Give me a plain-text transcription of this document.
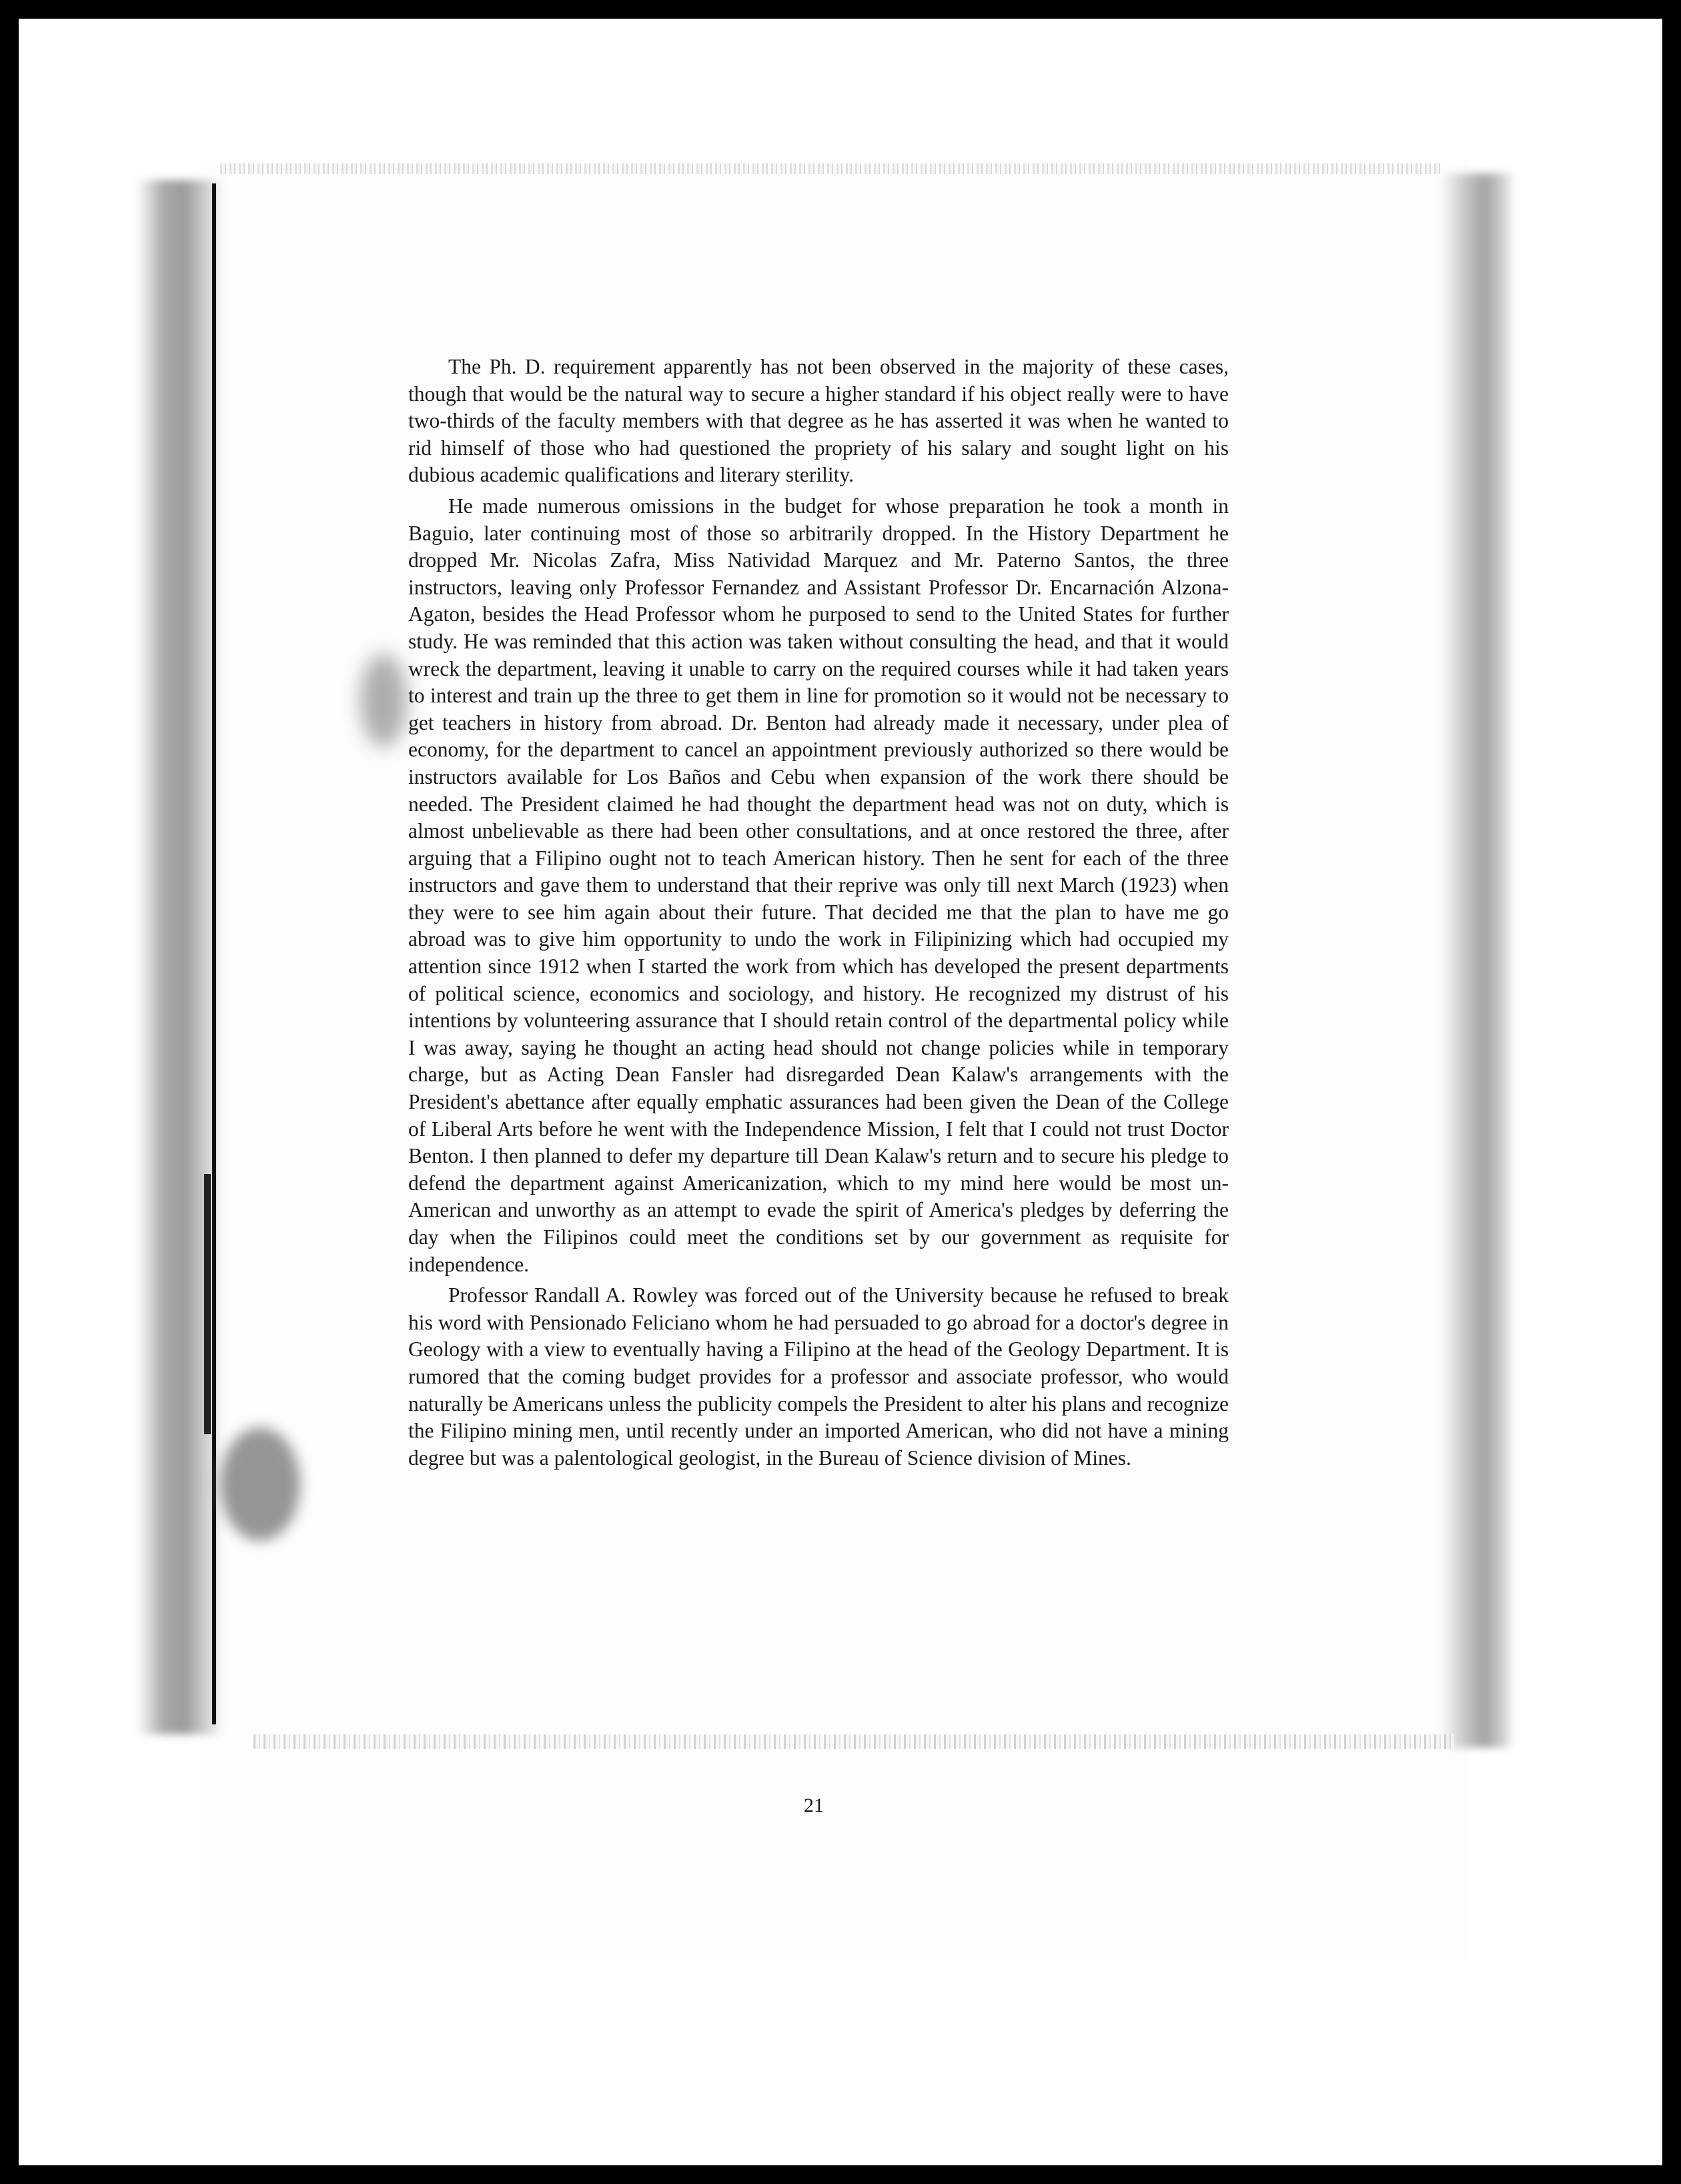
The Ph. D. requirement apparently has not been observed in the majority of these cases, though that would be the natural way to secure a higher standard if his object really were to have two-thirds of the faculty members with that degree as he has asserted it was when he wanted to rid himself of those who had questioned the propriety of his salary and sought light on his dubious academic qualifications and literary sterility.

He made numerous omissions in the budget for whose preparation he took a month in Baguio, later continuing most of those so arbitrarily dropped. In the History Department he dropped Mr. Nicolas Zafra, Miss Natividad Marquez and Mr. Paterno Santos, the three instructors, leaving only Professor Fernandez and Assistant Professor Dr. Encarnación Alzona-Agaton, besides the Head Professor whom he purposed to send to the United States for further study. He was reminded that this action was taken without consulting the head, and that it would wreck the department, leaving it unable to carry on the required courses while it had taken years to interest and train up the three to get them in line for promotion so it would not be necessary to get teachers in history from abroad. Dr. Benton had already made it necessary, under plea of economy, for the department to cancel an appointment previously authorized so there would be instructors available for Los Baños and Cebu when expansion of the work there should be needed. The President claimed he had thought the department head was not on duty, which is almost unbelievable as there had been other consultations, and at once restored the three, after arguing that a Filipino ought not to teach American history. Then he sent for each of the three instructors and gave them to understand that their reprive was only till next March (1923) when they were to see him again about their future. That decided me that the plan to have me go abroad was to give him opportunity to undo the work in Filipinizing which had occupied my attention since 1912 when I started the work from which has developed the present departments of political science, economics and sociology, and history. He recognized my distrust of his intentions by volunteering assurance that I should retain control of the departmental policy while I was away, saying he thought an acting head should not change policies while in temporary charge, but as Acting Dean Fansler had disregarded Dean Kalaw's arrangements with the President's abettance after equally emphatic assurances had been given the Dean of the College of Liberal Arts before he went with the Independence Mission, I felt that I could not trust Doctor Benton. I then planned to defer my departure till Dean Kalaw's return and to secure his pledge to defend the department against Americanization, which to my mind here would be most un-American and unworthy as an attempt to evade the spirit of America's pledges by deferring the day when the Filipinos could meet the conditions set by our government as requisite for independence.

Professor Randall A. Rowley was forced out of the University because he refused to break his word with Pensionado Feliciano whom he had persuaded to go abroad for a doctor's degree in Geology with a view to eventually having a Filipino at the head of the Geology Department. It is rumored that the coming budget provides for a professor and associate professor, who would naturally be Americans unless the publicity compels the President to alter his plans and recognize the Filipino mining men, until recently under an imported American, who did not have a mining degree but was a palentological geologist, in the Bureau of Science division of Mines.

21
